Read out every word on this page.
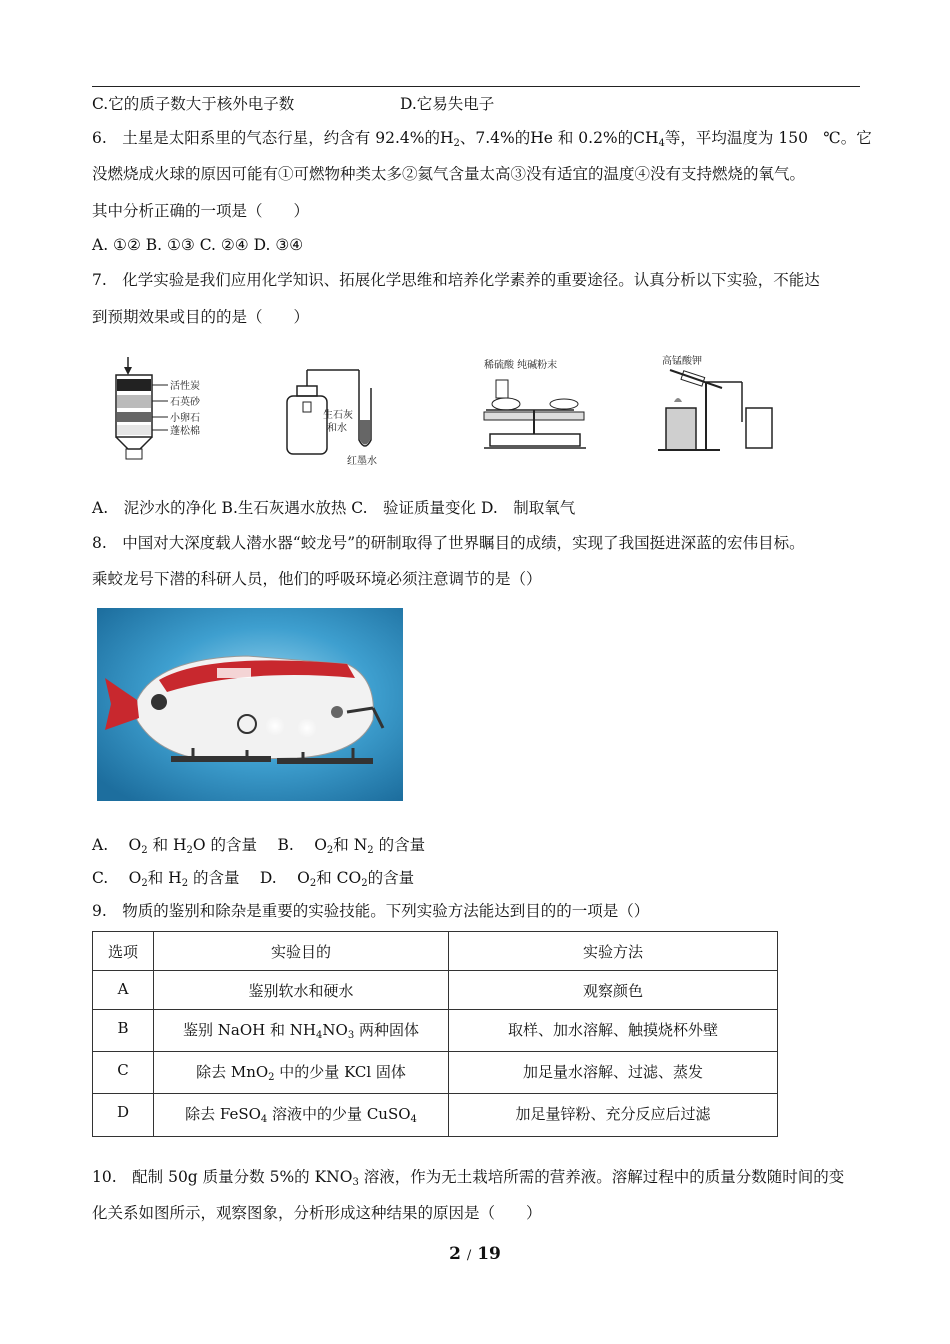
C.它的质子数大于核外电子数	D.它易失电子
6.　土星是太阳系里的气态行星，约含有 92.4%的$H_2$、7.4%的He 和 0.2%的$CH_4$等，平均温度为 150　℃。它
没燃烧成火球的原因可能有①可燃物种类太多②氦气含量太高③没有适宜的温度④没有支持燃烧的氧气。
其中分析正确的一项是（　　）
A. ①② B. ①③ C. ②④ D. ③④
7.　化学实验是我们应用化学知识、拓展化学思维和培养化学素养的重要途径。认真分析以下实验，不能达
到预期效果或目的的是（　　）
活性炭
石英砂
小卵石
蓬松棉
生石灰
和水
红墨水
稀硫酸 纯碱粉末	高锰酸钾
A.　泥沙水的净化 B.生石灰遇水放热 C.　验证质量变化 D.　制取氧气
8.　中国对大深度载人潜水器“蛟龙号”的研制取得了世界瞩目的成绩，实现了我国挺进深蓝的宏伟目标。
乘蛟龙号下潜的科研人员，他们的呼吸环境必须注意调节的是（）
A.　 $O_2$ 和 $H_2O$ 的含量　 B.　 $O_2$和 $N_2$ 的含量
C.　 $O_2$和 $H_2$ 的含量　 D.　 $O_2$和 $CO_2$的含量
9.　物质的鉴别和除杂是重要的实验技能。下列实验方法能达到目的的一项是（）
选项	实验目的	实验方法
A	鉴别软水和硬水	观察颜色
B	鉴别 NaOH 和 $NH_4NO_3$ 两种固体	取样、加水溶解、触摸烧杯外壁
C	除去 MnO$_2$ 中的少量 KCl 固体	加足量水溶解、过滤、蒸发
D	除去 FeSO$_4$ 溶液中的少量 CuSO$_4$	加足量锌粉、充分反应后过滤
10.　配制 50g 质量分数 5%的 $KNO_3$ 溶液，作为无土栽培所需的营养液。溶解过程中的质量分数随时间的变
化关系如图所示，观察图象，分析形成这种结果的原因是（　　）
2 / 19
